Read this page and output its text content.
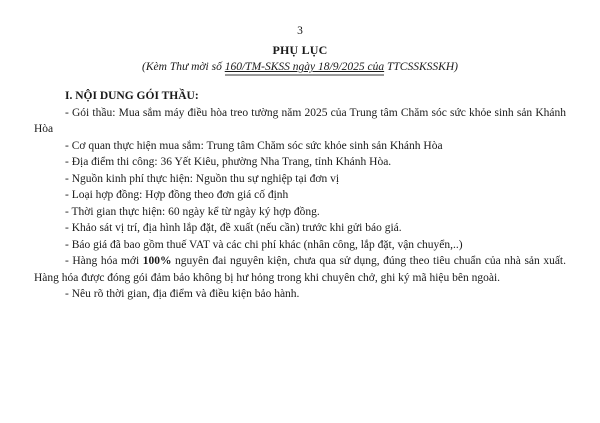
3
PHỤ LỤC
(Kèm Thư mời số 160/TM-SKSS ngày 18/9/2025 của TTCSSKSSKH)

I. NỘI DUNG GÓI THẦU:

- Gói thầu: Mua sắm máy điều hòa treo tường năm 2025 của Trung tâm Chăm sóc sức khỏe sinh sản Khánh Hòa

- Cơ quan thực hiện mua sắm: Trung tâm Chăm sóc sức khỏe sinh sản Khánh Hòa

- Địa điểm thi công: 36 Yết Kiêu, phường Nha Trang, tỉnh Khánh Hòa.

- Nguồn kinh phí thực hiện: Nguồn thu sự nghiệp tại đơn vị

- Loại hợp đồng: Hợp đồng theo đơn giá cố định

- Thời gian thực hiện: 60 ngày kể từ ngày ký hợp đồng.

- Khảo sát vị trí, địa hình lắp đặt, đề xuất (nếu cần) trước khi gửi báo giá.

- Báo giá đã bao gồm thuế VAT và các chi phí khác (nhân công, lắp đặt, vận chuyển,..)

- Hàng hóa mới 100% nguyên đai nguyên kiện, chưa qua sử dụng, đúng theo tiêu chuẩn của nhà sản xuất. Hàng hóa được đóng gói đảm bảo không bị hư hỏng trong khi chuyên chở, ghi ký mã hiệu bên ngoài.

- Nêu rõ thời gian, địa điểm và điều kiện bảo hành.
